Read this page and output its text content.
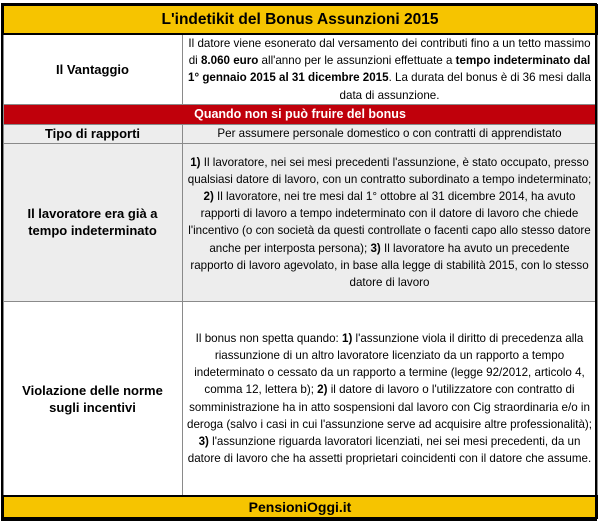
L'indetikit del Bonus Assunzioni 2015	
Il Vantaggio	Il datore viene esonerato dal versamento dei contributi fino a un tetto massimo di 8.060 euro all'anno per le assunzioni effettuate a tempo indeterminato dal 1° gennaio 2015 al 31 dicembre 2015. La durata del bonus è di 36 mesi dalla data di assunzione.
Quando non si può fruire del bonus	
Tipo di rapporti	Per assumere personale domestico o con contratti di apprendistato
Il lavoratore era già a tempo indeterminato	1) Il lavoratore, nei sei mesi precedenti l'assunzione, è stato occupato, presso qualsiasi datore di lavoro, con un contratto subordinato a tempo indeterminato; 2) Il lavoratore, nei tre mesi dal 1° ottobre al 31 dicembre 2014, ha avuto rapporti di lavoro a tempo indeterminato con il datore di lavoro che chiede l'incentivo (o con società da questi controllate o facenti capo allo stesso datore anche per interposta persona); 3) Il lavoratore ha avuto un precedente rapporto di lavoro agevolato, in base alla legge di stabilità 2015, con lo stesso datore di lavoro
Violazione delle norme sugli incentivi	Il bonus non spetta quando: 1) l'assunzione viola il diritto di precedenza alla riassunzione di un altro lavoratore licenziato da un rapporto a tempo indeterminato o cessato da un rapporto a termine (legge 92/2012, articolo 4, comma 12, lettera b); 2) il datore di lavoro o l'utilizzatore con contratto di somministrazione ha in atto sospensioni dal lavoro con Cig straordinaria e/o in deroga (salvo i casi in cui l'assunzione serve ad acquisire altre professionalità); 3) l'assunzione riguarda lavoratori licenziati, nei sei mesi precedenti, da un datore di lavoro che ha assetti proprietari coincidenti con il datore che assume.
PensioniOggi.it	
